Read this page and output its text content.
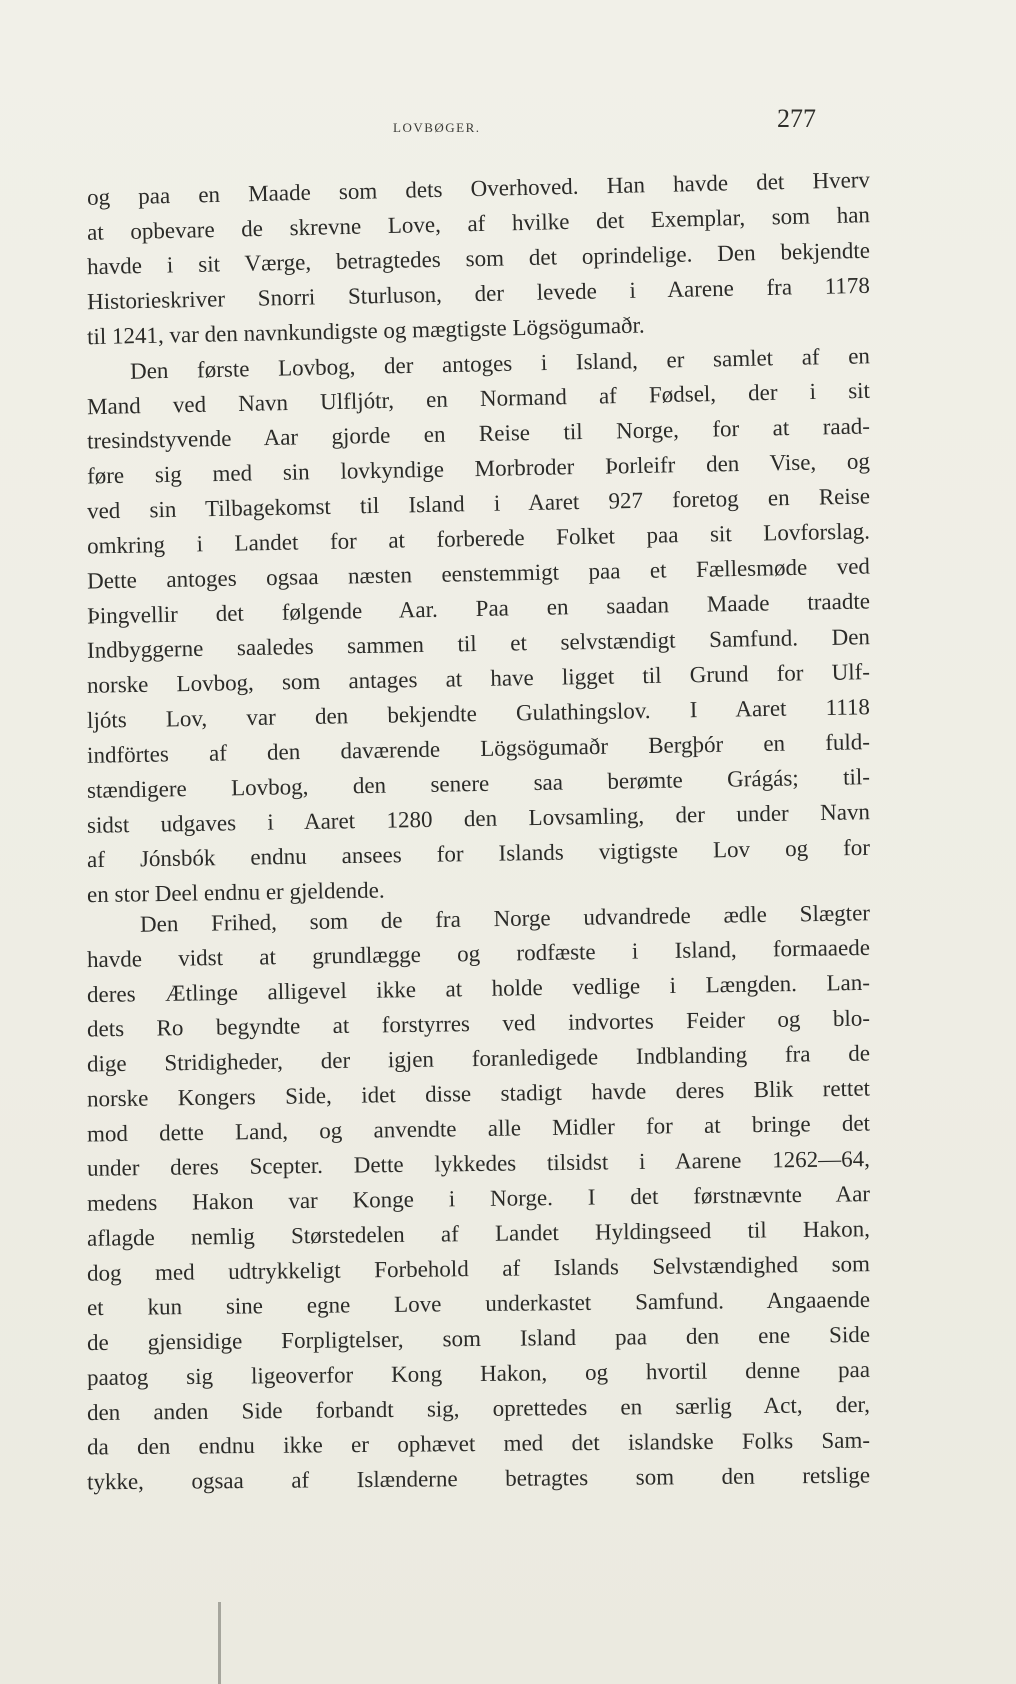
LOVBØGER.	277
og paa en Maade som dets Overhoved. Han havde det Hverv
at opbevare de skrevne Love, af hvilke det Exemplar, som han
havde i sit Værge, betragtedes som det oprindelige. Den bekjendte
Historieskriver Snorri Sturluson, der levede i Aarene fra 1178
til 1241, var den navnkundigste og mægtigste Lögsögumaðr.
Den første Lovbog, der antoges i Island, er samlet af en
Mand ved Navn Ulfljótr, en Normand af Fødsel, der i sit
tresindstyvende Aar gjorde en Reise til Norge, for at raad-
føre sig med sin lovkyndige Morbroder Þorleifr den Vise, og
ved sin Tilbagekomst til Island i Aaret 927 foretog en Reise
omkring i Landet for at forberede Folket paa sit Lovforslag.
Dette antoges ogsaa næsten eenstemmigt paa et Fællesmøde ved
Þingvellir det følgende Aar. Paa en saadan Maade traadte
Indbyggerne saaledes sammen til et selvstændigt Samfund. Den
norske Lovbog, som antages at have ligget til Grund for Ulf-
ljóts Lov, var den bekjendte Gulathingslov. I Aaret 1118
indförtes af den daværende Lögsögumaðr Bergþór en fuld-
stændigere Lovbog, den senere saa berømte Grágás; til-
sidst udgaves i Aaret 1280 den Lovsamling, der under Navn
af Jónsbók endnu ansees for Islands vigtigste Lov og for
en stor Deel endnu er gjeldende.
Den Frihed, som de fra Norge udvandrede ædle Slægter
havde vidst at grundlægge og rodfæste i Island, formaaede
deres Ætlinge alligevel ikke at holde vedlige i Længden. Lan-
dets Ro begyndte at forstyrres ved indvortes Feider og blo-
dige Stridigheder, der igjen foranledigede Indblanding fra de
norske Kongers Side, idet disse stadigt havde deres Blik rettet
mod dette Land, og anvendte alle Midler for at bringe det
under deres Scepter. Dette lykkedes tilsidst i Aarene 1262—64,
medens Hakon var Konge i Norge. I det førstnævnte Aar
aflagde nemlig Størstedelen af Landet Hyldingseed til Hakon,
dog med udtrykkeligt Forbehold af Islands Selvstændighed som
et kun sine egne Love underkastet Samfund. Angaaende
de gjensidige Forpligtelser, som Island paa den ene Side
paatog sig ligeoverfor Kong Hakon, og hvortil denne paa
den anden Side forbandt sig, oprettedes en særlig Act, der,
da den endnu ikke er ophævet med det islandske Folks Sam-
tykke, ogsaa af Islænderne betragtes som den retslige
